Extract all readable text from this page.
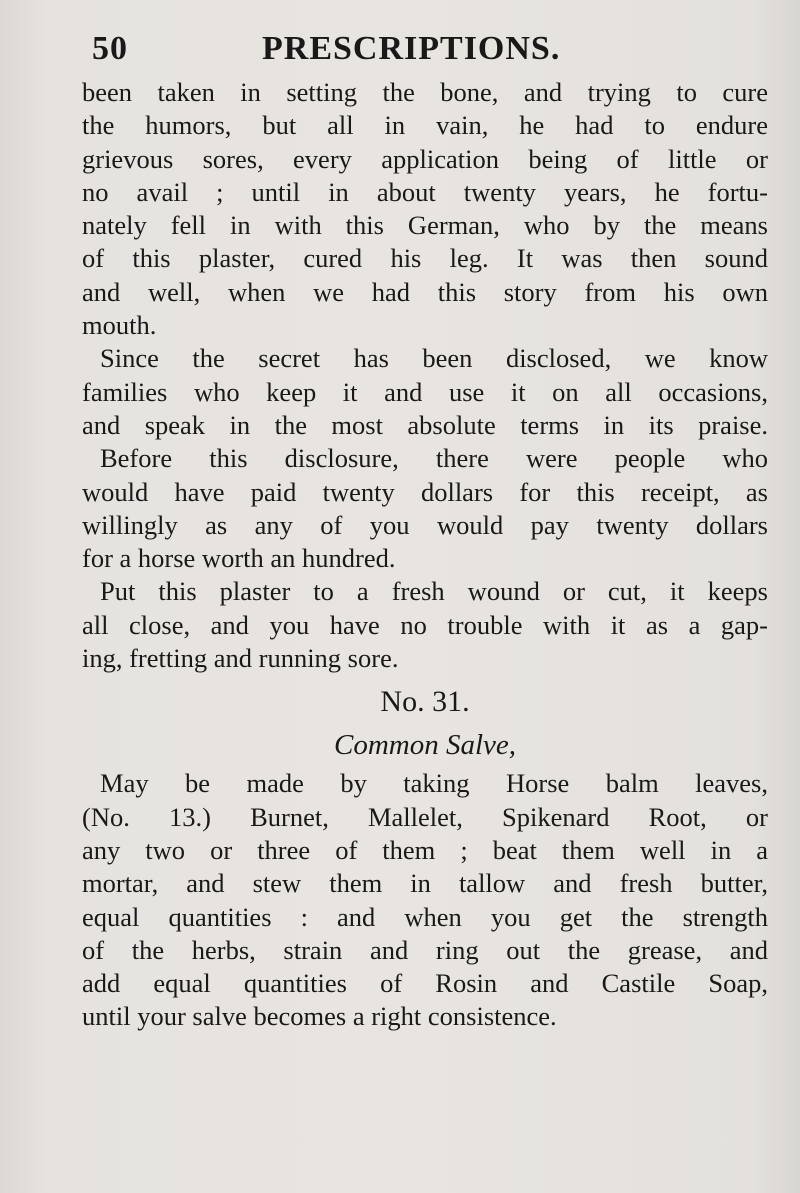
50	PRESCRIPTIONS.
been taken in setting the bone, and trying to cure
the humors, but all in vain, he had to endure
grievous sores, every application being of little or
no avail ; until in about twenty years, he fortu-
nately fell in with this German, who by the means
of this plaster, cured his leg. It was then sound
and well, when we had this story from his own
mouth.
Since the secret has been disclosed, we know
families who keep it and use it on all occasions,
and speak in the most absolute terms in its praise.
Before this disclosure, there were people who
would have paid twenty dollars for this receipt, as
willingly as any of you would pay twenty dollars
for a horse worth an hundred.
Put this plaster to a fresh wound or cut, it keeps
all close, and you have no trouble with it as a gap-
ing, fretting and running sore.
No. 31.
Common Salve,
May be made by taking Horse balm leaves,
(No. 13.) Burnet, Mallelet, Spikenard Root, or
any two or three of them ; beat them well in a
mortar, and stew them in tallow and fresh butter,
equal quantities : and when you get the strength
of the herbs, strain and ring out the grease, and
add equal quantities of Rosin and Castile Soap,
until your salve becomes a right consistence.
